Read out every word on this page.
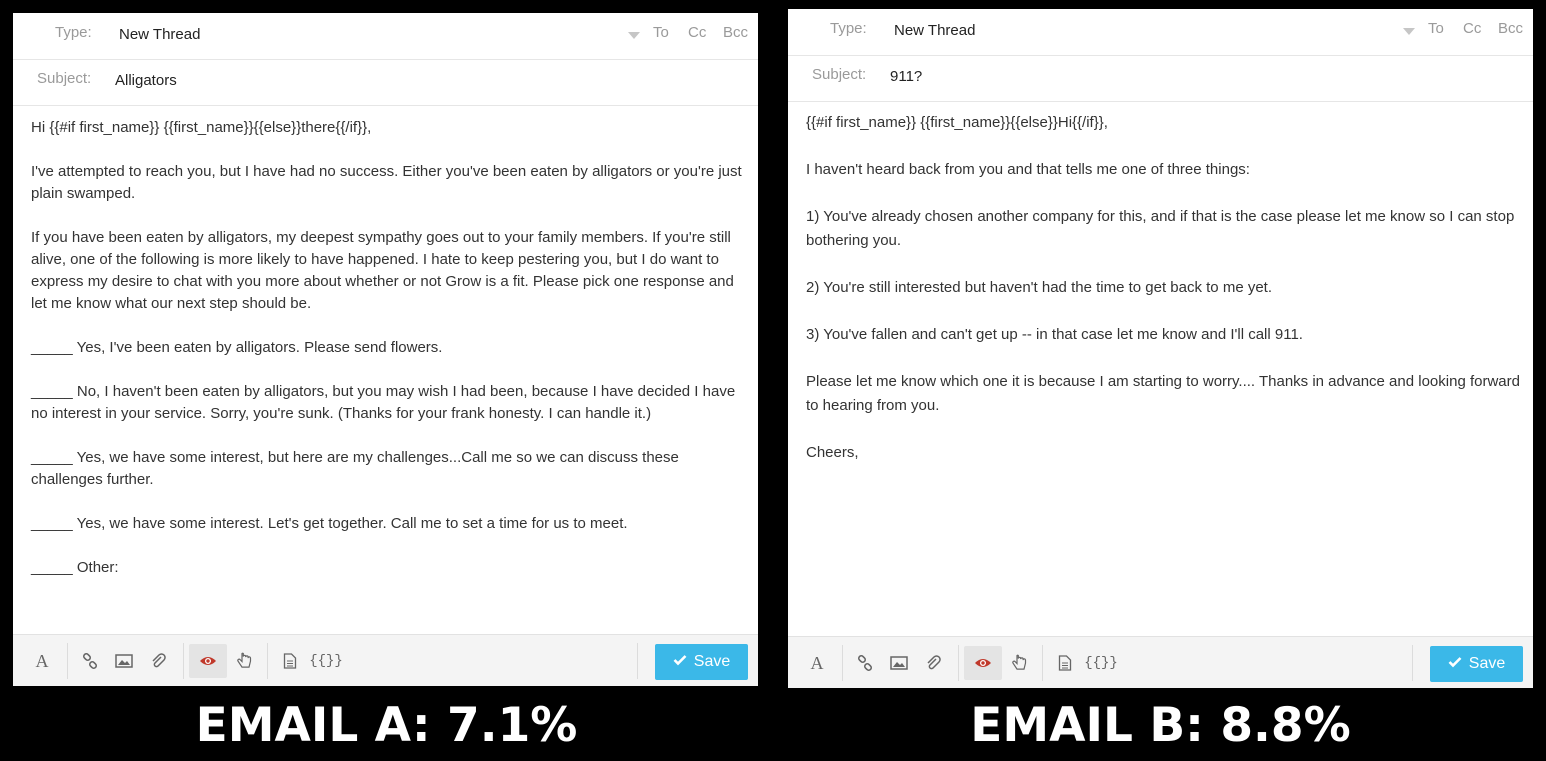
Type: New Thread	To Cc Bcc
Subject: Alligators

Hi {{#if first_name}} {{first_name}}{{else}}there{{/if}},

I've attempted to reach you, but I have had no success. Either you've been eaten by alligators or you're just plain swamped.

If you have been eaten by alligators, my deepest sympathy goes out to your family members. If you're still alive, one of the following is more likely to have happened. I hate to keep pestering you, but I do want to express my desire to chat with you more about whether or not Grow is a fit. Please pick one response and let me know what our next step should be.

_____ Yes, I've been eaten by alligators. Please send flowers.

_____ No, I haven't been eaten by alligators, but you may wish I had been, because I have decided I have no interest in your service. Sorry, you're sunk. (Thanks for your frank honesty. I can handle it.)

_____ Yes, we have some interest, but here are my challenges...Call me so we can discuss these challenges further.

_____ Yes, we have some interest. Let's get together. Call me to set a time for us to meet.

_____ Other:

A	{{}}	Save
EMAIL A: 7.1%
Type: New Thread	To Cc Bcc
Subject: 911?

{{#if first_name}} {{first_name}}{{else}}Hi{{/if}},

I haven't heard back from you and that tells me one of three things:

1) You've already chosen another company for this, and if that is the case please let me know so I can stop bothering you.

2) You're still interested but haven't had the time to get back to me yet.

3) You've fallen and can't get up -- in that case let me know and I'll call 911.

Please let me know which one it is because I am starting to worry.... Thanks in advance and looking forward to hearing from you.

Cheers,

A	{{}}	Save
EMAIL B: 8.8%
